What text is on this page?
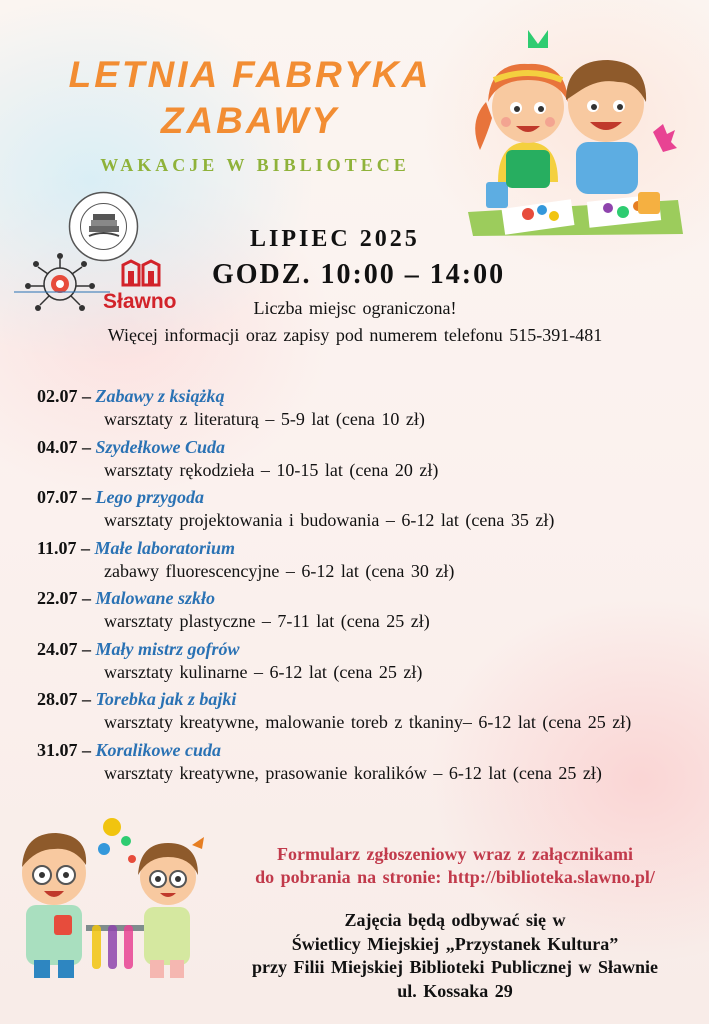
LETNIA FABRYKA
ZABAWY
WAKACJE W BIBLIOTECE
Sławno
LIPIEC 2025
GODZ. 10:00 – 14:00
Liczba miejsc ograniczona!
Więcej informacji oraz zapisy pod numerem telefonu 515-391-481
02.07 – Zabawy z książką
warsztaty z literaturą – 5-9 lat (cena 10 zł)
04.07 – Szydełkowe Cuda
warsztaty rękodzieła – 10-15 lat (cena 20 zł)
07.07 – Lego przygoda
warsztaty projektowania i budowania – 6-12 lat (cena 35 zł)
11.07 – Małe laboratorium
zabawy fluorescencyjne – 6-12 lat (cena 30 zł)
22.07 – Malowane szkło
warsztaty plastyczne – 7-11 lat (cena 25 zł)
24.07 – Mały mistrz gofrów
warsztaty kulinarne – 6-12 lat (cena 25 zł)
28.07 – Torebka jak z bajki
warsztaty kreatywne, malowanie toreb z tkaniny– 6-12 lat (cena 25 zł)
31.07 – Koralikowe cuda
warsztaty kreatywne, prasowanie koralików – 6-12 lat (cena 25 zł)
Formularz zgłoszeniowy wraz z załącznikami
do pobrania na stronie: http://biblioteka.slawno.pl/
Zajęcia będą odbywać się w
Świetlicy Miejskiej „Przystanek Kultura”
przy Filii Miejskiej Biblioteki Publicznej w Sławnie
ul. Kossaka 29
